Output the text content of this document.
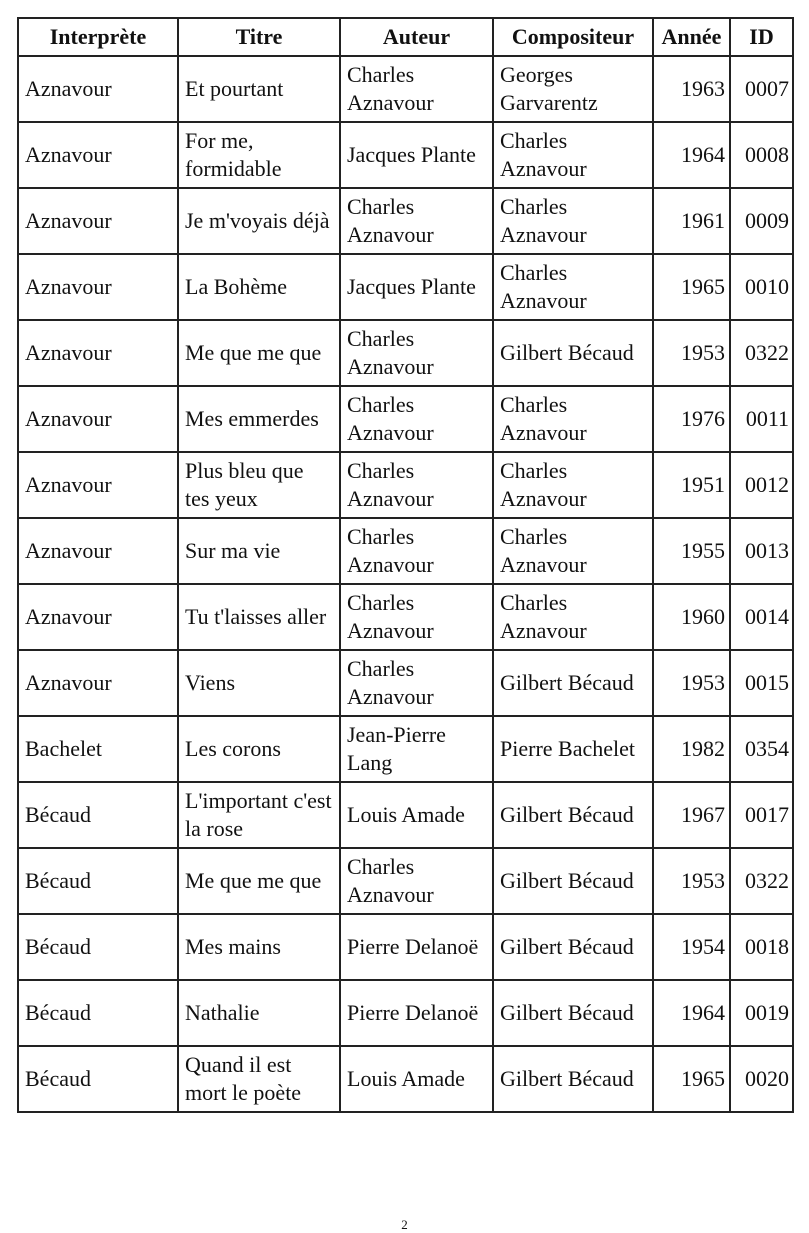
Interprète	Titre	Auteur	Compositeur	Année	ID
Aznavour	Et pourtant	Charles Aznavour	Georges Garvarentz	1963	0007
Aznavour	For me, formidable	Jacques Plante	Charles Aznavour	1964	0008
Aznavour	Je m'voyais déjà	Charles Aznavour	Charles Aznavour	1961	0009
Aznavour	La Bohème	Jacques Plante	Charles Aznavour	1965	0010
Aznavour	Me que me que	Charles Aznavour	Gilbert Bécaud	1953	0322
Aznavour	Mes emmerdes	Charles Aznavour	Charles Aznavour	1976	0011
Aznavour	Plus bleu que tes yeux	Charles Aznavour	Charles Aznavour	1951	0012
Aznavour	Sur ma vie	Charles Aznavour	Charles Aznavour	1955	0013
Aznavour	Tu t'laisses aller	Charles Aznavour	Charles Aznavour	1960	0014
Aznavour	Viens	Charles Aznavour	Gilbert Bécaud	1953	0015
Bachelet	Les corons	Jean-Pierre Lang	Pierre Bachelet	1982	0354
Bécaud	L'important c'est la rose	Louis Amade	Gilbert Bécaud	1967	0017
Bécaud	Me que me que	Charles Aznavour	Gilbert Bécaud	1953	0322
Bécaud	Mes mains	Pierre Delanoë	Gilbert Bécaud	1954	0018
Bécaud	Nathalie	Pierre Delanoë	Gilbert Bécaud	1964	0019
Bécaud	Quand il est mort le poète	Louis Amade	Gilbert Bécaud	1965	0020
2
